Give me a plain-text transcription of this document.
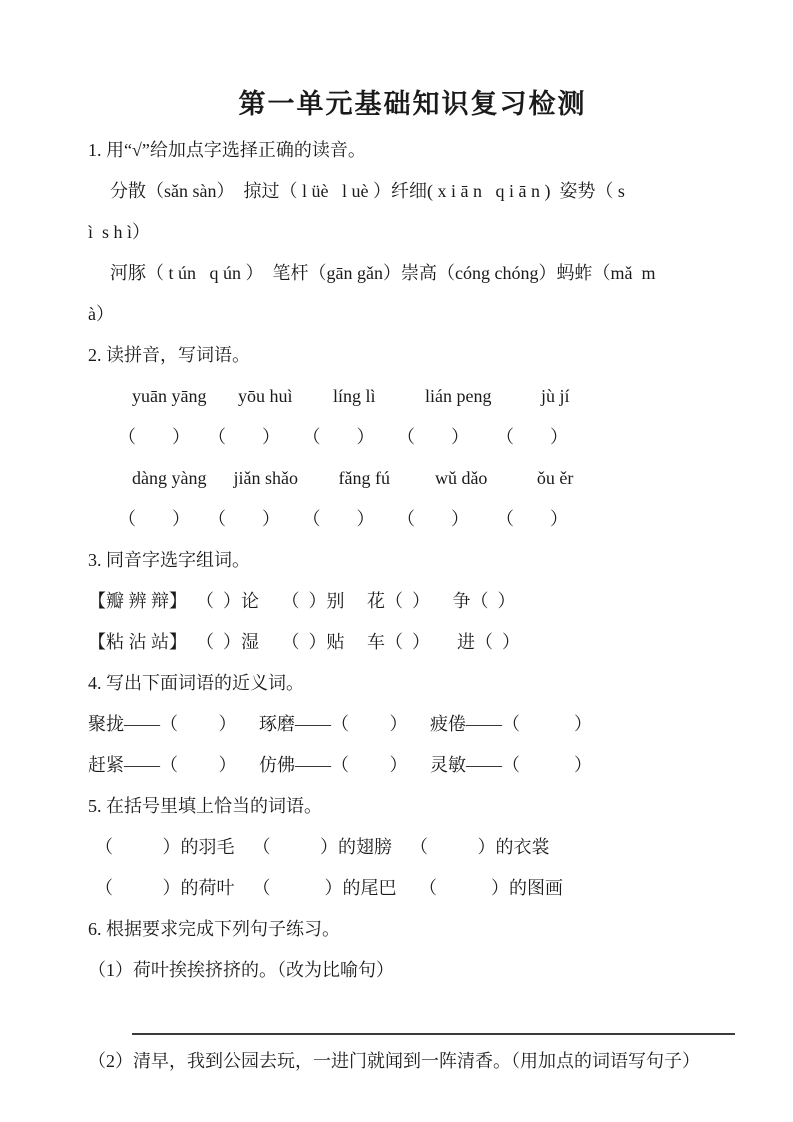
第一单元基础知识复习检测

1. 用“√”给加点字选择正确的读音。

分散（sǎn sàn）  掠过（ l üè   l uè ）纤细( x i ā n   q i ā n )  姿势（ s

ì  s h ì）

河豚（ t ún   q ún ）  笔杆（gān gǎn）崇高（cóng chóng）蚂蚱（mǎ  m

à）

2. 读拼音，写词语。

yuān yāng       yōu huì         líng lì           lián peng           jù jí

（        ）    （        ）     （        ）     （        ）      （        ）

dàng yàng      jiǎn shǎo         fǎng fú          wǔ dǎo           ǒu ěr

（        ）    （        ）     （        ）     （        ）      （        ）

3. 同音字选字组词。

【瓣 辨 辩】  （  ）论     （  ）别     花（  ）     争（  ）

【粘 沾 站】  （  ）湿     （  ）贴     车（  ）      进（  ）

4. 写出下面词语的近义词。

聚拢——（         ）     琢磨——（         ）     疲倦——（            ）

赶紧——（         ）     仿佛——（         ）     灵敏——（            ）

5. 在括号里填上恰当的词语。

（           ）的羽毛    （           ）的翅膀    （           ）的衣裳

（           ）的荷叶    （            ）的尾巴     （            ）的图画

6. 根据要求完成下列句子练习。

（1）荷叶挨挨挤挤的。（改为比喻句）

（2）清早，我到公园去玩，一进门就闻到一阵清香。（用加点的词语写句子）
